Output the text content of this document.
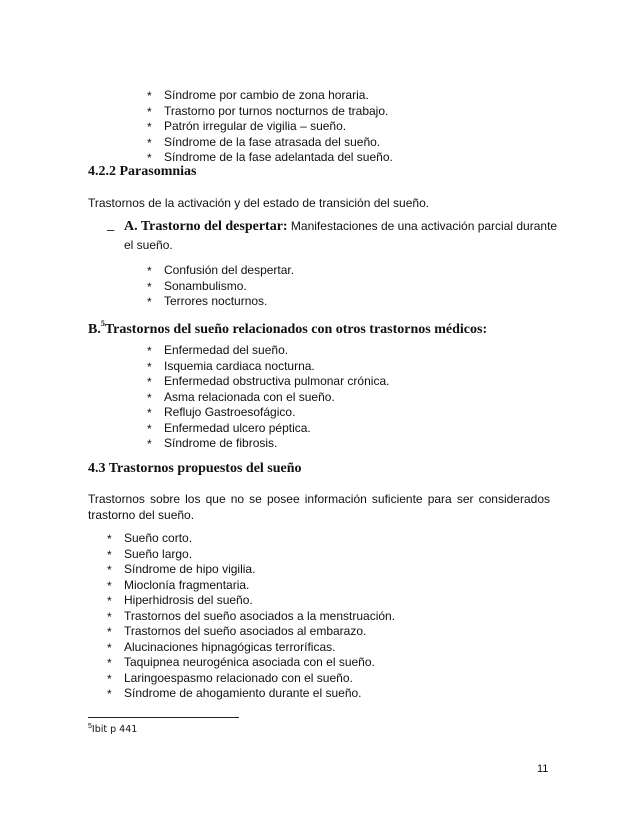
*	Síndrome por cambio de zona horaria.
*	Trastorno por turnos nocturnos de trabajo.
*	Patrón irregular de vigilia – sueño.
*	Síndrome de la fase atrasada del sueño.
*	Síndrome de la fase adelantada del sueño.
4.2.2 Parasomnias
Trastornos de la activación y del estado de transición del sueño.
– A. Trastorno del despertar: Manifestaciones de una activación parcial durante
el sueño.
*	Confusión del despertar.
*	Sonambulismo.
*	Terrores nocturnos.
B.$^5$Trastornos del sueño relacionados con otros trastornos médicos:
*	Enfermedad del sueño.
*	Isquemia cardiaca nocturna.
*	Enfermedad obstructiva pulmonar crónica.
*	Asma relacionada con el sueño.
*	Reflujo Gastroesofágico.
*	Enfermedad ulcero péptica.
*	Síndrome de fibrosis.
4.3 Trastornos propuestos del sueño
Trastornos sobre los que no se posee información suficiente para ser considerados
trastorno del sueño.
*	Sueño corto.
*	Sueño largo.
*	Síndrome de hipo vigilia.
*	Mioclonía fragmentaria.
*	Hiperhidrosis del sueño.
*	Trastornos del sueño asociados a la menstruación.
*	Trastornos del sueño asociados al embarazo.
*	Alucinaciones hipnagógicas terroríficas.
*	Taquipnea neurogénica asociada con el sueño.
*	Laringoespasmo relacionado con el sueño.
*	Síndrome de ahogamiento durante el sueño.
$^5$Ibit p 441
11
